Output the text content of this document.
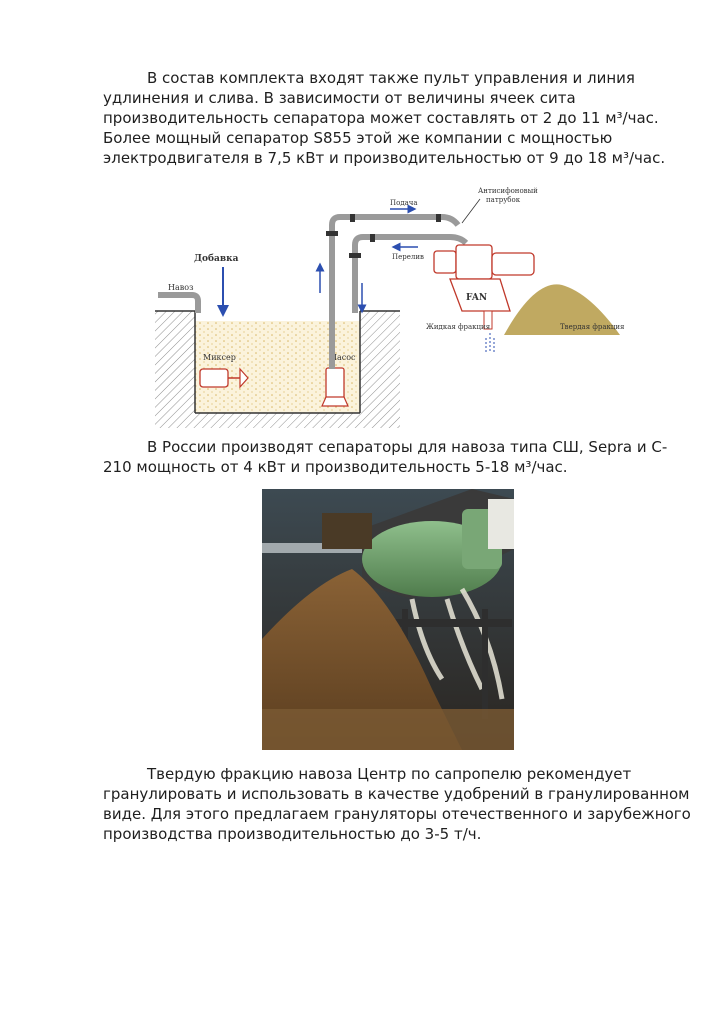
В состав комплекта входят также пульт управления и линия
удлинения и слива. В зависимости от величины ячеек сита
производительность сепаратора может составлять от 2 до 11 м³/час.
Более мощный сепаратор S855 этой же компании с мощностью
электродвигателя в 7,5 кВт и производительностью от 9 до 18 м³/час.
Навоз
Добавка
Миксер	Насос
Подача
Перелив
Антисифоновый
патрубок
FAN
Жидкая фракция	Твердая фракция
В России производят сепараторы для навоза типа СШ, Sepra и С-
210 мощность от 4 кВт и производительность 5-18 м³/час.
Твердую фракцию навоза Центр по сапропелю рекомендует
гранулировать и использовать в качестве удобрений в гранулированном
виде. Для этого предлагаем грануляторы отечественного и зарубежного
производства производительностью до 3-5 т/ч.
